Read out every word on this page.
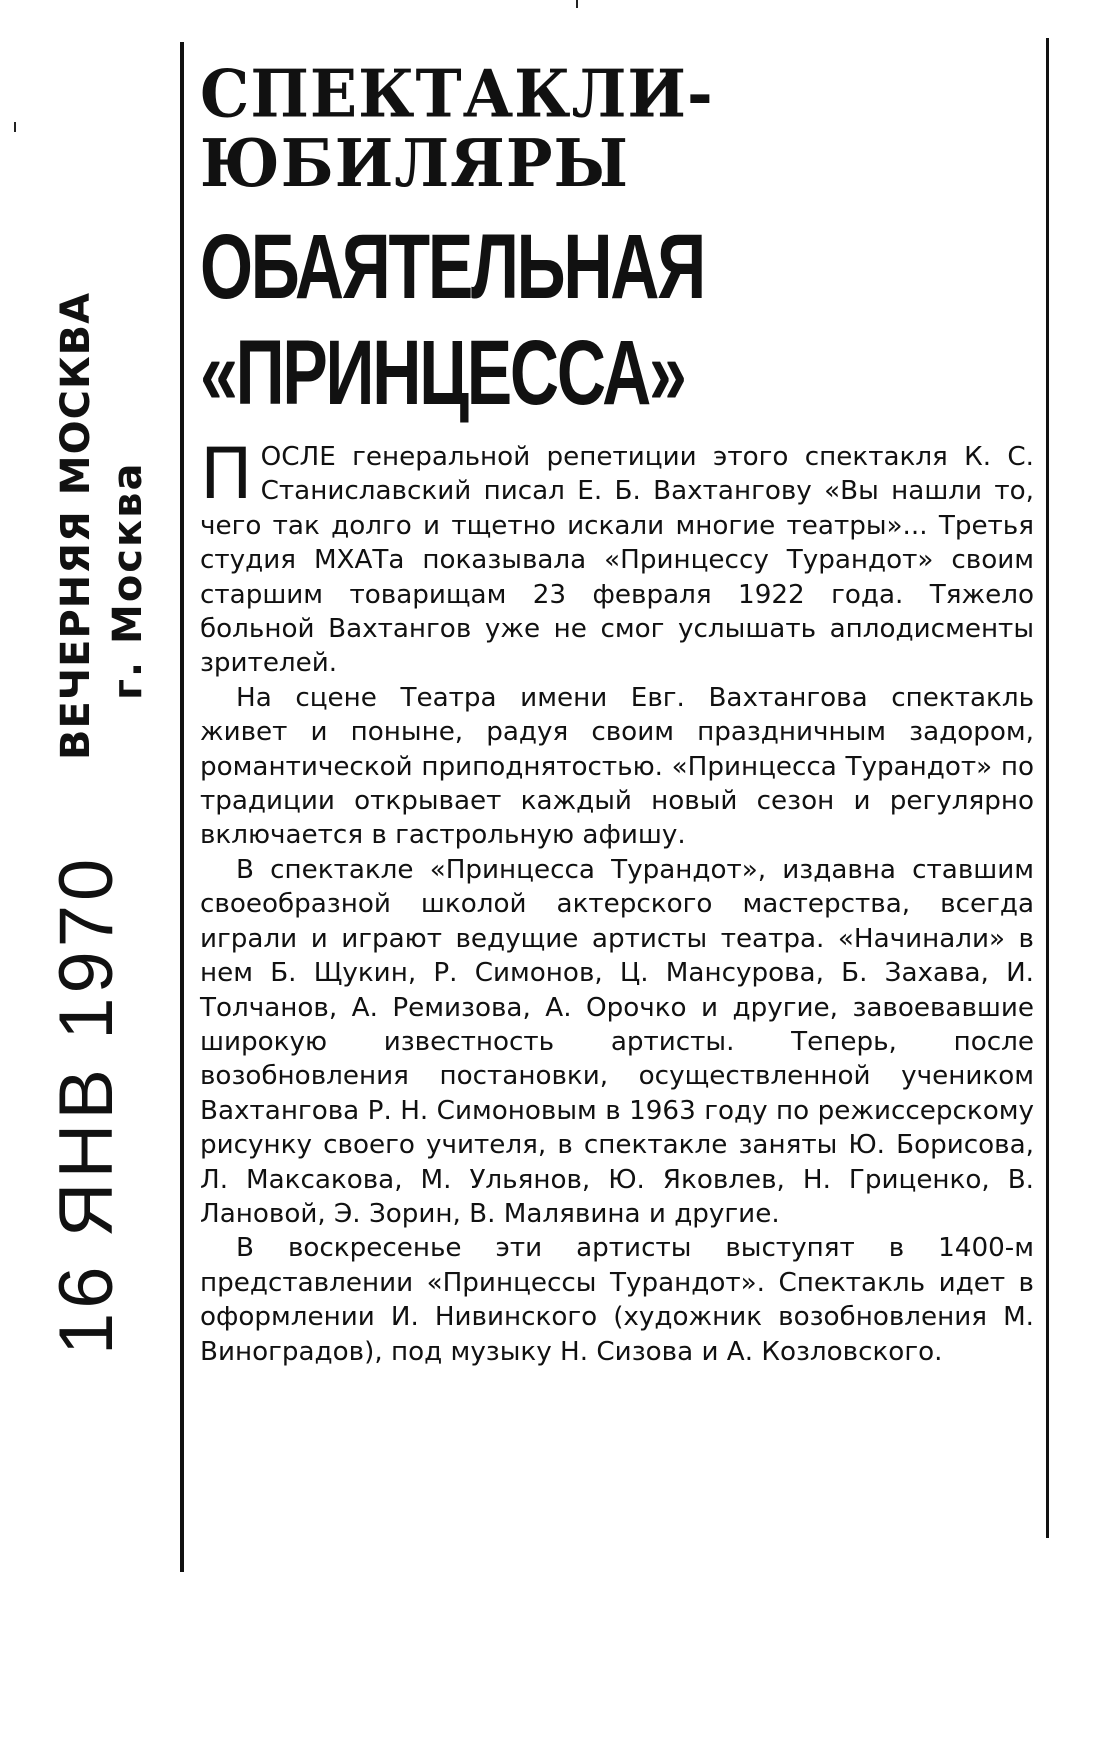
ВЕЧЕРНЯЯ МОСКВА г. Москва
16 ЯНВ 1970
СПЕКТАКЛИ-
ЮБИЛЯРЫ
ОБАЯТЕЛЬНАЯ
«ПРИНЦЕССА»

ПОСЛЕ генеральной репетиции этого спектакля К. С. Станиславский писал Е. Б. Вахтангову «Вы нашли то, чего так долго и тщетно искали многие театры»... Третья студия МХАТа показывала «Принцессу Турандот» своим старшим товарищам 23 февраля 1922 года. Тяжело больной Вахтангов уже не смог услышать аплодисменты зрителей.

На сцене Театра имени Евг. Вахтангова спектакль живет и поныне, радуя своим праздничным задором, романтической приподнятостью. «Принцесса Турандот» по традиции открывает каждый новый сезон и регулярно включается в гастрольную афишу.

В спектакле «Принцесса Турандот», издавна ставшим своеобразной школой актерского мастерства, всегда играли и играют ведущие артисты театра. «Начинали» в нем Б. Щукин, Р. Симонов, Ц. Мансурова, Б. Захава, И. Толчанов, А. Ремизова, А. Орочко и другие, завоевавшие широкую известность артисты. Теперь, после возобновления постановки, осуществленной учеником Вахтангова Р. Н. Симоновым в 1963 году по режиссерскому рисунку своего учителя, в спектакле заняты Ю. Борисова, Л. Максакова, М. Ульянов, Ю. Яковлев, Н. Гриценко, В. Лановой, Э. Зорин, В. Малявина и другие.

В воскресенье эти артисты выступят в 1400-м представлении «Принцессы Турандот». Спектакль идет в оформлении И. Нивинского (художник возобновления М. Виноградов), под музыку Н. Сизова и А. Козловского.
